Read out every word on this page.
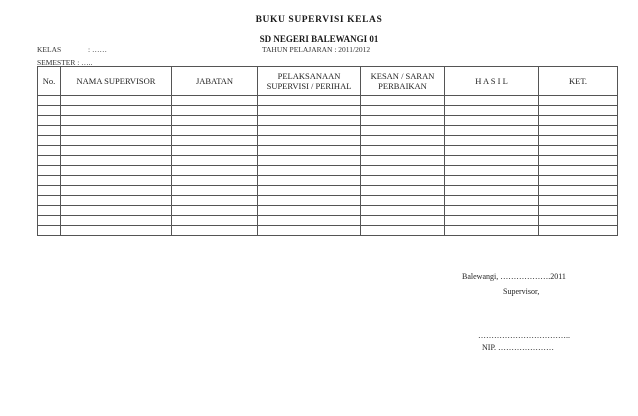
BUKU SUPERVISI KELAS
SD NEGERI BALEWANGI 01
KELAS	: ……	TAHUN PELAJARAN : 2011/2012
SEMESTER : …..
No.	NAMA SUPERVISOR	JABATAN	PELAKSANAAN SUPERVISI / PERIHAL	KESAN / SARAN PERBAIKAN	H A S I L	KET.

Balewangi, ……………….2011
Supervisor,
……………………………..
NIP. …………………
